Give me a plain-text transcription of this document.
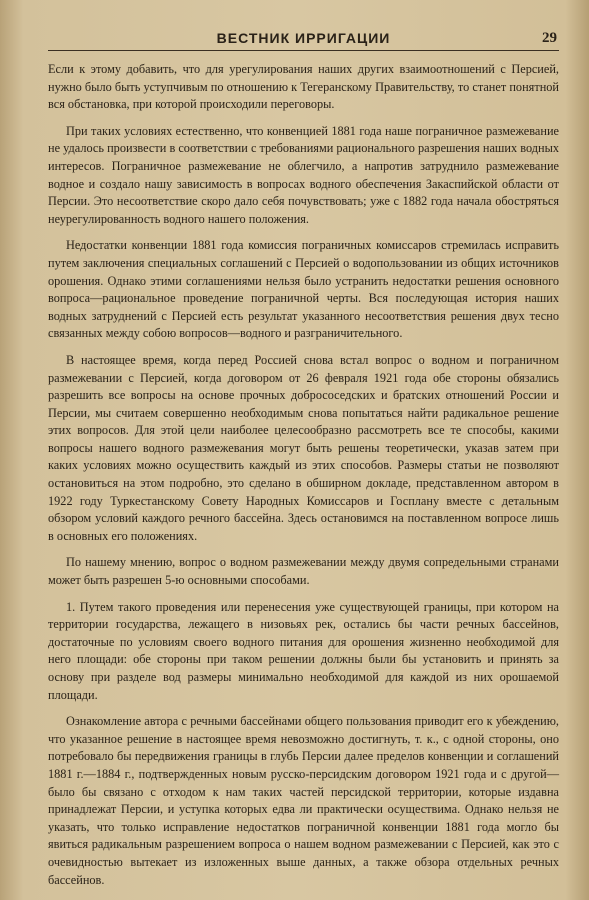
ВЕСТНИК ИРРИГАЦИИ	29

Если к этому добавить, что для урегулирования наших других взаимоотношений с Персией, нужно было быть уступчивым по отношению к Тегеранскому Правительству, то станет понятной вся обстановка, при которой происходили переговоры.

При таких условиях естественно, что конвенцией 1881 года наше пограничное размежевание не удалось произвести в соответствии с требованиями рационального разрешения наших водных интересов. Пограничное размежевание не облегчило, а напротив затруднило размежевание водное и создало нашу зависимость в вопросах водного обеспечения Закаспийской области от Персии. Это несоответствие скоро дало себя почувствовать; уже с 1882 года начала обостряться неурегулированность водного нашего положения.

Недостатки конвенции 1881 года комиссия пограничных комиссаров стремилась исправить путем заключения специальных соглашений с Персией о водопользовании из общих источников орошения. Однако этими соглашениями нельзя было устранить недостатки решения основного вопроса—рациональное проведение пограничной черты. Вся последующая история наших водных затруднений с Персией есть результат указанного несоответствия решения двух тесно связанных между собою вопросов—водного и разграничительного.

В настоящее время, когда перед Россией снова встал вопрос о водном и пограничном размежевании с Персией, когда договором от 26 февраля 1921 года обе стороны обязались разрешить все вопросы на основе прочных добрососедских и братских отношений России и Персии, мы считаем совершенно необходимым снова попытаться найти радикальное решение этих вопросов. Для этой цели наиболее целесообразно рассмотреть все те способы, какими вопросы нашего водного размежевания могут быть решены теоретически, указав затем при каких условиях можно осуществить каждый из этих способов. Размеры статьи не позволяют остановиться на этом подробно, это сделано в обширном докладе, представленном автором в 1922 году Туркестанскому Совету Народных Комиссаров и Госплану вместе с детальным обзором условий каждого речного бассейна. Здесь остановимся на поставленном вопросе лишь в основных его положениях.

По нашему мнению, вопрос о водном размежевании между двумя сопредельными странами может быть разрешен 5-ю основными способами.

1. Путем такого проведения или перенесения уже существующей границы, при котором на территории государства, лежащего в низовьях рек, остались бы части речных бассейнов, достаточные по условиям своего водного питания для орошения жизненно необходимой для него площади: обе стороны при таком решении должны были бы установить и принять за основу при разделе вод размеры минимально необходимой для каждой из них орошаемой площади.

Ознакомление автора с речными бассейнами общего пользования приводит его к убеждению, что указанное решение в настоящее время невозможно достигнуть, т. к., с одной стороны, оно потребовало бы передвижения границы в глубь Персии далее пределов конвенции и соглашений 1881 г.—1884 г., подтвержденных новым русско-персидским договором 1921 года и с другой—было бы связано с отходом к нам таких частей персидской территории, которые издавна принадлежат Персии, и уступка которых едва ли практически осуществима. Однако нельзя не указать, что только исправление недостатков пограничной конвенции 1881 года могло бы явиться радикальным разрешением вопроса о нашем водном размежевании с Персией, как это с очевидностью вытекает из изложенных выше данных, а также обзора отдельных речных бассейнов.
